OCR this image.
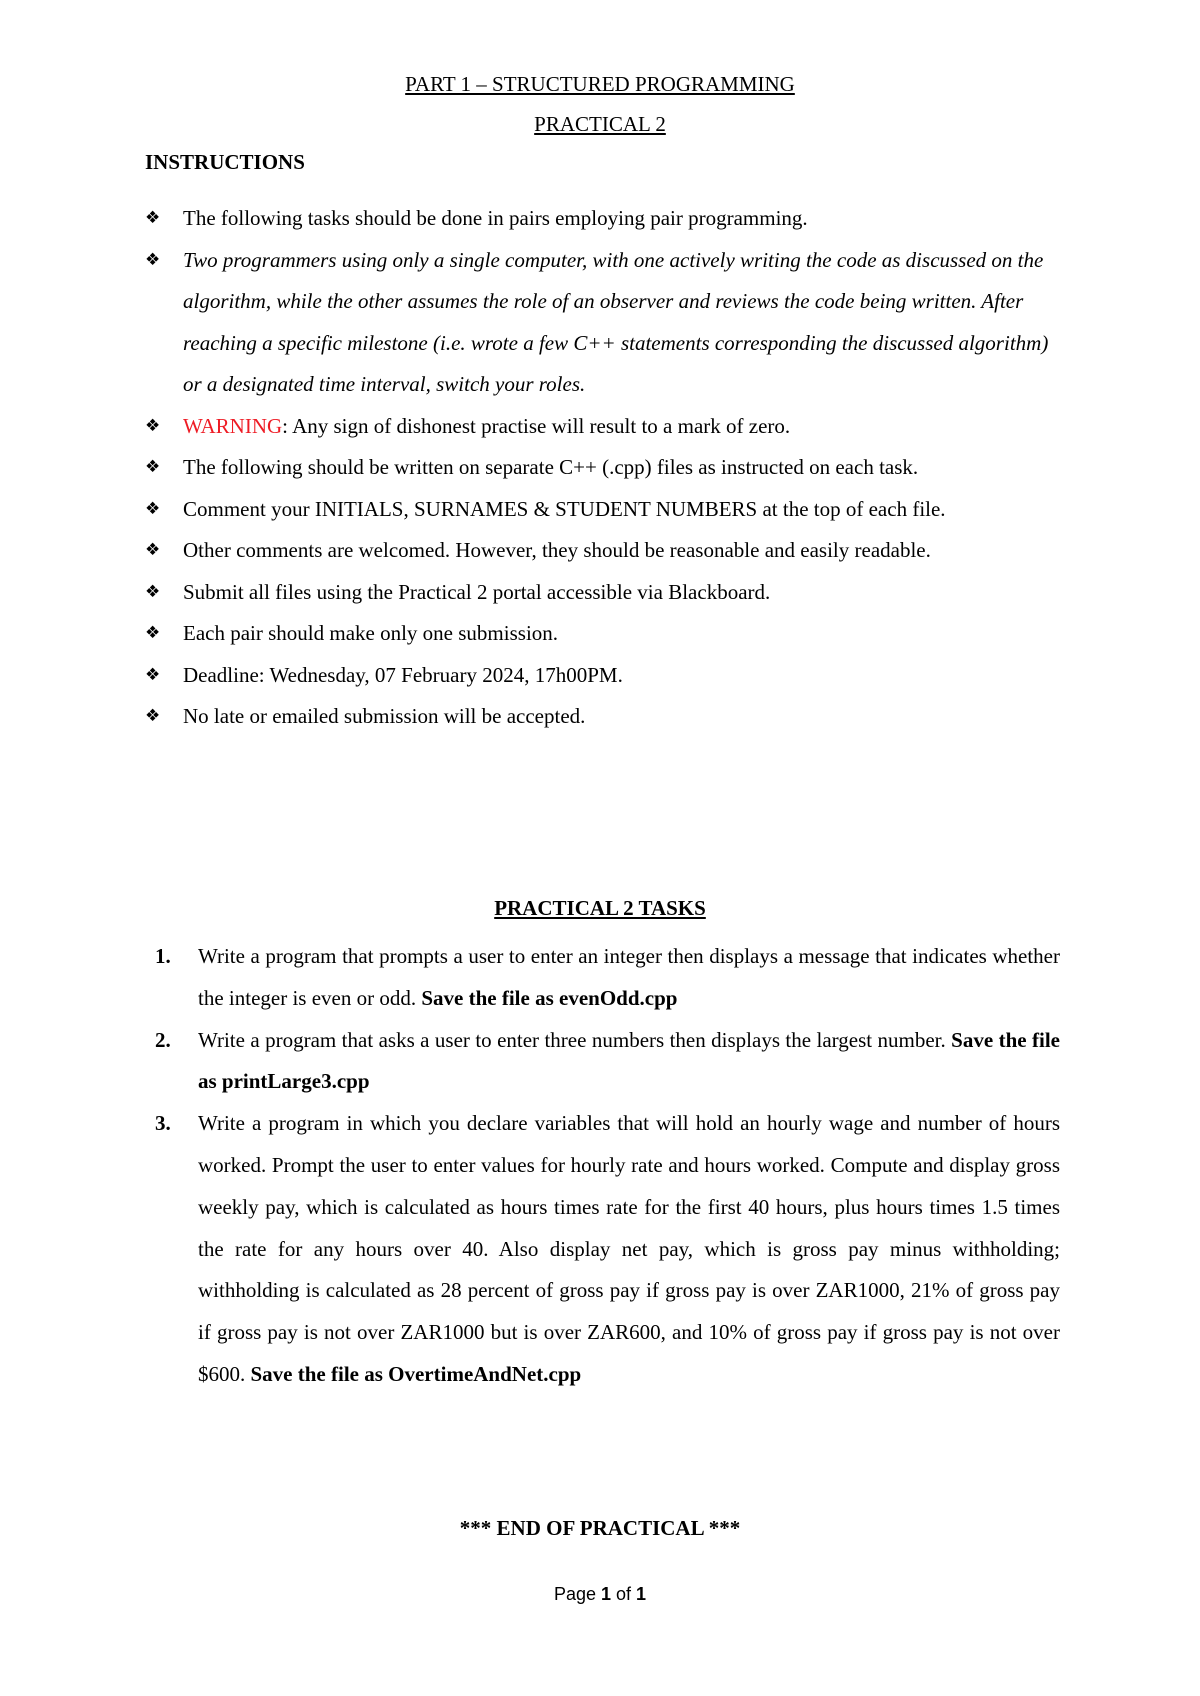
PART 1 – STRUCTURED PROGRAMMING
PRACTICAL 2
INSTRUCTIONS
❖ The following tasks should be done in pairs employing pair programming.
❖ Two programmers using only a single computer, with one actively writing the code as discussed on the algorithm, while the other assumes the role of an observer and reviews the code being written. After reaching a specific milestone (i.e. wrote a few C++ statements corresponding the discussed algorithm) or a designated time interval, switch your roles.
❖ WARNING: Any sign of dishonest practise will result to a mark of zero.
❖ The following should be written on separate C++ (.cpp) files as instructed on each task.
❖ Comment your INITIALS, SURNAMES & STUDENT NUMBERS at the top of each file.
❖ Other comments are welcomed. However, they should be reasonable and easily readable.
❖ Submit all files using the Practical 2 portal accessible via Blackboard.
❖ Each pair should make only one submission.
❖ Deadline: Wednesday, 07 February 2024, 17h00PM.
❖ No late or emailed submission will be accepted.
PRACTICAL 2 TASKS
1. Write a program that prompts a user to enter an integer then displays a message that indicates whether the integer is even or odd. Save the file as evenOdd.cpp
2. Write a program that asks a user to enter three numbers then displays the largest number. Save the file as printLarge3.cpp
3. Write a program in which you declare variables that will hold an hourly wage and number of hours worked. Prompt the user to enter values for hourly rate and hours worked. Compute and display gross weekly pay, which is calculated as hours times rate for the first 40 hours, plus hours times 1.5 times the rate for any hours over 40. Also display net pay, which is gross pay minus withholding; withholding is calculated as 28 percent of gross pay if gross pay is over ZAR1000, 21% of gross pay if gross pay is not over ZAR1000 but is over ZAR600, and 10% of gross pay if gross pay is not over $600. Save the file as OvertimeAndNet.cpp
*** END OF PRACTICAL ***
Page 1 of 1
